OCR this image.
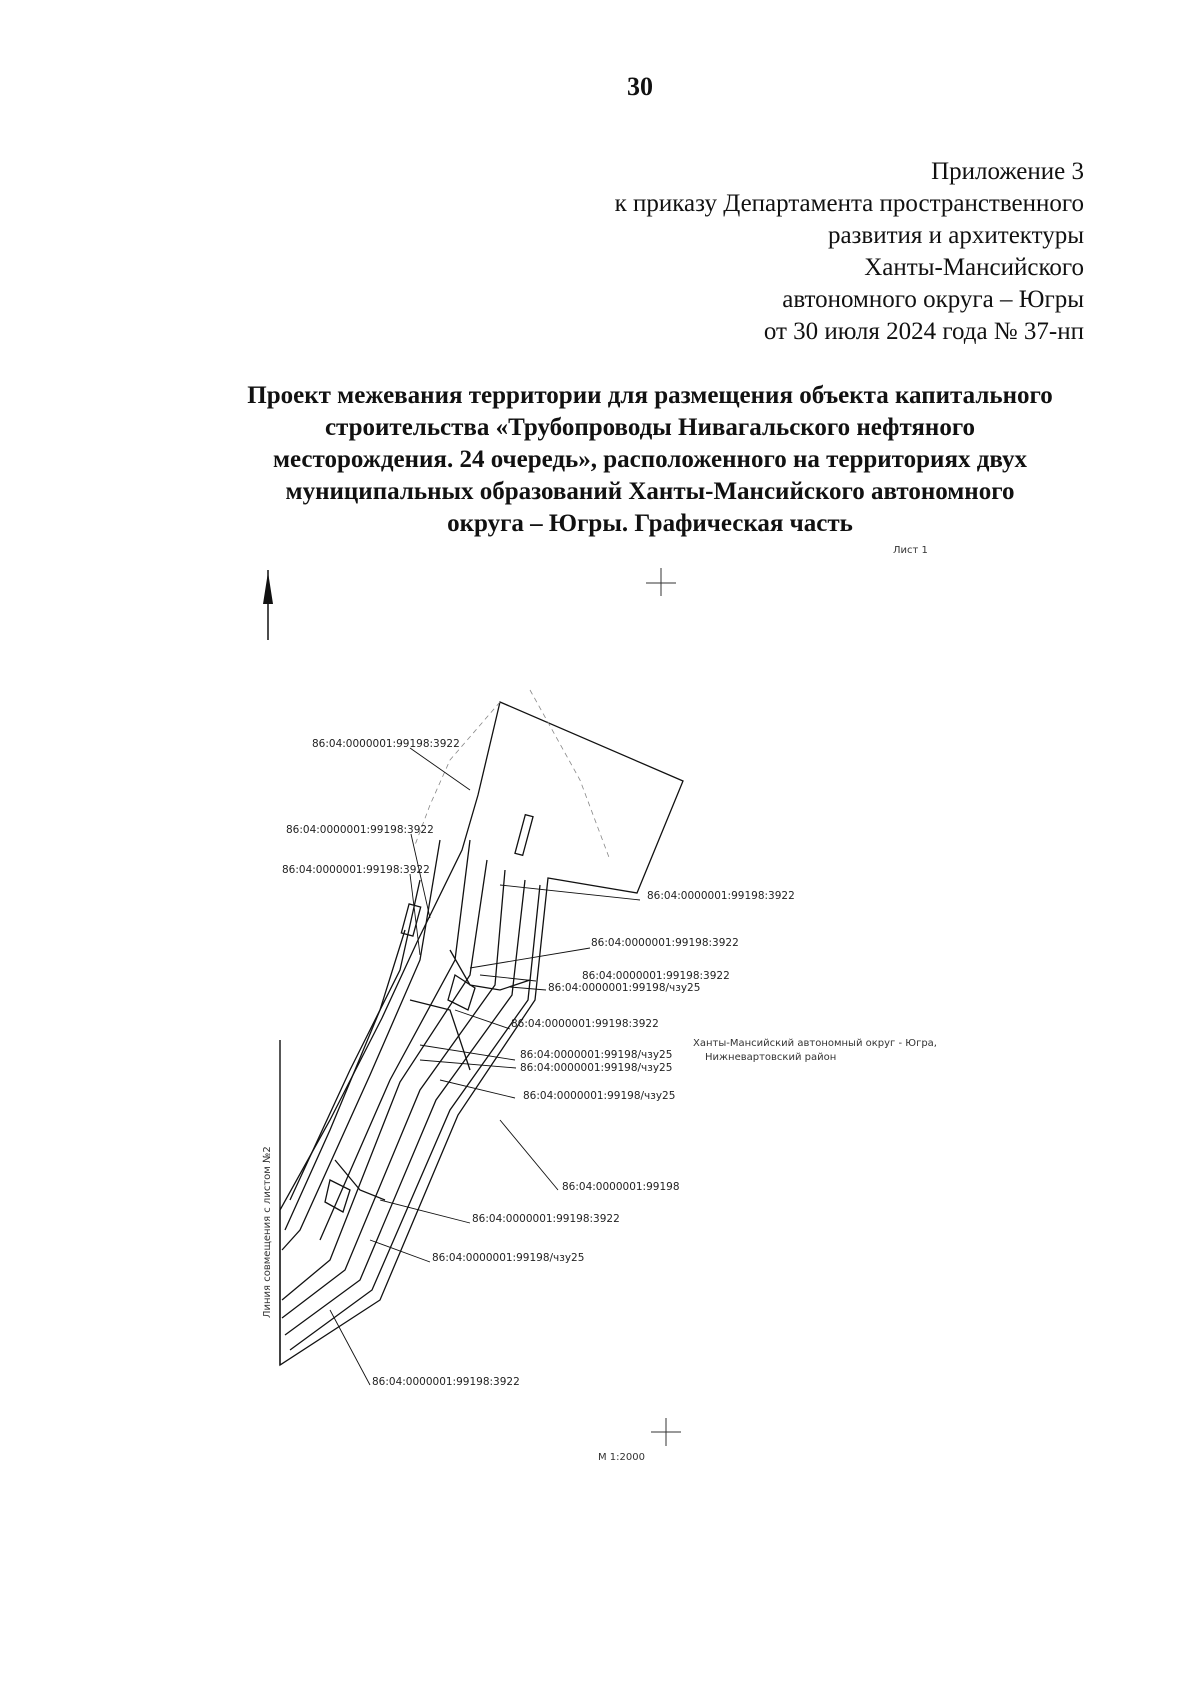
30
Приложение 3
к приказу Департамента пространственного
развития и архитектуры
Ханты-Мансийского
автономного округа – Югры
от 30 июля 2024 года № 37-нп
Проект межевания территории для размещения объекта капитального
строительства «Трубопроводы Нивагальского нефтяного
месторождения. 24 очередь», расположенного на территориях двух
муниципальных образований Ханты-Мансийского автономного
округа – Югры. Графическая часть
Лист 1
Линия совмещения с листом №2
86:04:0000001:99198:3922
86:04:0000001:99198:3922
86:04:0000001:99198:3922
86:04:0000001:99198:3922
86:04:0000001:99198:3922
86:04:0000001:99198:3922
86:04:0000001:99198/чзу25
86:04:0000001:99198:3922
86:04:0000001:99198/чзу25
86:04:0000001:99198/чзу25
86:04:0000001:99198/чзу25
86:04:0000001:99198
86:04:0000001:99198:3922
86:04:0000001:99198/чзу25
86:04:0000001:99198:3922
Ханты-Мансийский автономный округ - Югра,
Нижневартовский район
М 1:2000
